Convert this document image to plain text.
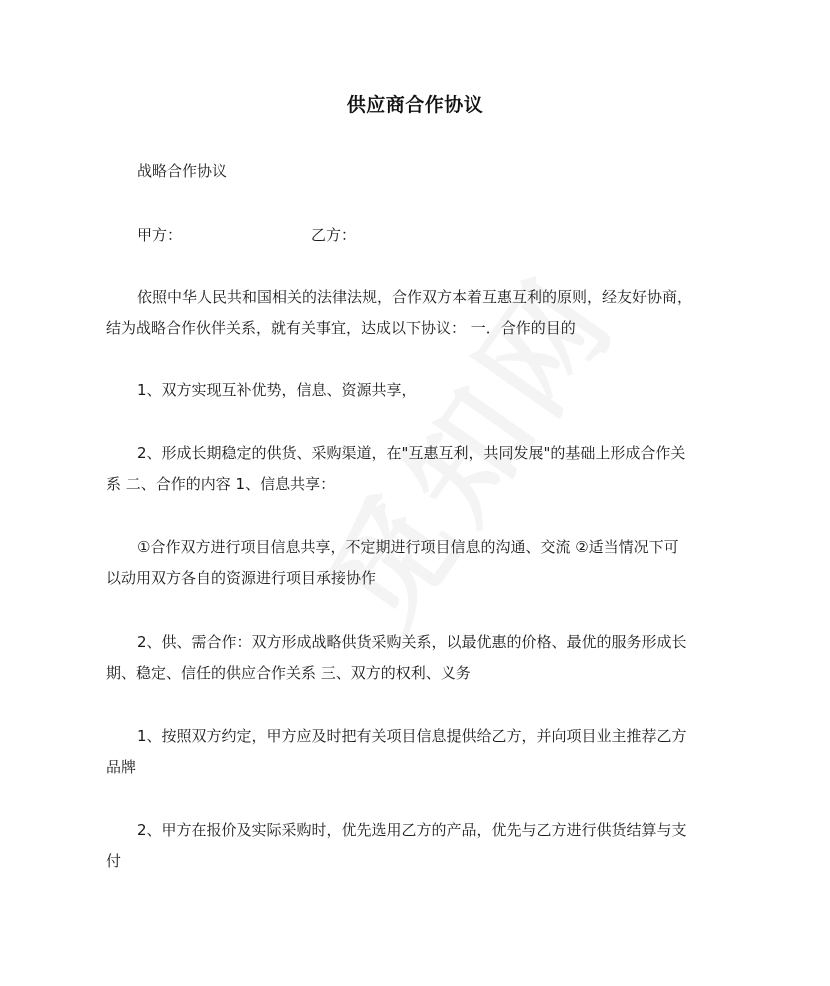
供应商合作协议
战略合作协议
甲方：	乙方：
依照中华人民共和国相关的法律法规，合作双方本着互惠互利的原则，经友好协商，
结为战略合作伙伴关系，就有关事宜，达成以下协议： 一．合作的目的
1、双方实现互补优势，信息、资源共享，
2、形成长期稳定的供货、采购渠道，在"互惠互利，共同发展"的基础上形成合作关
系 二、合作的内容 1、信息共享：
①合作双方进行项目信息共享，不定期进行项目信息的沟通、交流 ②适当情况下可
以动用双方各自的资源进行项目承接协作
2、供、需合作：双方形成战略供货采购关系，以最优惠的价格、最优的服务形成长
期、稳定、信任的供应合作关系 三、双方的权利、义务
1、按照双方约定，甲方应及时把有关项目信息提供给乙方，并向项目业主推荐乙方
品牌
2、甲方在报价及实际采购时，优先选用乙方的产品，优先与乙方进行供货结算与支
付
